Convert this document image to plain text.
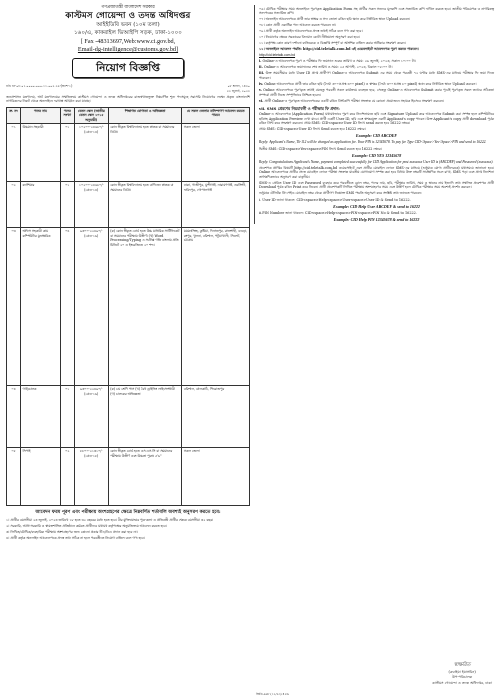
গণপ্রজাতন্ত্রী বাংলাদেশ সরকার
কাস্টমস গোয়েন্দা ও তদন্ত অধিদপ্তর
আইইডিবি ভবন (১০ম তলা)
১৬০/এ, কাকরাইল ভিআইপি সড়ক, ঢাকা-১০০০
[ Fax -48313697,Web:www.ci.gov.bd,
Email-dg-intelligence@customs.gov.bd]
নিয়োগ বিজ্ঞপ্তি
নথি নং-০৮.০১.০০০০.০০০.১১.০০২.১৯-(অংশ-১)	০৮ শ্রাবণ, ১৪৩০
২৩ জুলাই, ২০২৩

জনপ্রশাসন মন্ত্রণালয়, অর্থ মন্ত্রণালয়ের সম্মতিক্রমে কাস্টমস গোয়েন্দা ও তদন্ত অধিদপ্তরের রাজস্বখাতভুক্ত নিম্নবর্ণিত শূন্য পদসমূহে সরাসরি নিয়োগের লক্ষ্যে প্রকৃত বাংলাদেশি নাগরিকদের নিকট থেকে অনলাইনে দরখাস্ত আহ্বান করা যাচ্ছে।

ক্র. নং	পদের নাম	পদের সংখ্যা	বেতন স্কেল (জাতীয় বেতন স্কেল ২০১৫ অনুযায়ী)	শিক্ষাগত যোগ্যতা ও অভিজ্ঞতা	যে সকল জেলার বাসিন্দাগণ আবেদন করতে পারবে
০১	উচ্চমান সহকারী	০১	১০২০০-২৪৬৮০/- (গ্রেড-১৪)	কোন স্বীকৃত বিশ্ববিদ্যালয় হতে স্নাতক বা সমমানের ডিগ্রি।	সকল জেলা
০২	ক্যাশিয়ার	০১	১০২০০-২৪৬৮০/- (গ্রেড-১৪)	কোন স্বীকৃত বিশ্ববিদ্যালয় হতে বাণিজ্যে স্নাতক বা সমমানের ডিগ্রি।	ঢাকা, গাজীপুর, মুন্সীগঞ্জ, নারায়ণগঞ্জ, নরসিংদী, ফরিদপুর, গোপালগঞ্জ
০৩	অফিস সহকারী কাম কম্পিউটার মুদ্রাক্ষরিক	০৪	৯৩০০-২২৪৯০/- (গ্রেড-১৬)	(ক) কোন স্বীকৃত বোর্ড হতে উচ্চ মাধ্যমিক সার্টিফিকেট বা সমমানের পরীক্ষায় উত্তীর্ণ। (খ) Word Processing/Typing এ সর্বনিম্ন গতি বাংলায় প্রতি মিনিটে ২০ ও ইংরেজিতে ২০ শব্দ।	ময়মনসিংহ, কুষ্টিয়া, দিনাজপুর, রাজশাহী, বগুড়া, রংপুর, খুলনা, বরিশাল, পটুয়াখালী, সিলেট, চট্টগ্রাম
০৪	গাড়িচালক	০১	৯৩০০-২২৪৯০/- (গ্রেড-১৬)	(ক) ৮ম শ্রেণি পাস (খ) বৈধ ড্রাইভিং লাইসেন্সধারী (গ) চালকের অভিজ্ঞতা	বরিশাল, ঝালকাঠি, পিরোজপুর
০৫	সিপাই	০২	৮৮০০-২১৩১০/- (গ্রেড-১৮)	কোন স্বীকৃত বোর্ড হতে এস.এস.সি বা সমমানের পরীক্ষায় উত্তীর্ণ এবং উচ্চতা পুরুষ ৫'৬"	সকল জেলা
আবেদন ফরম পূরণ এবং পরীক্ষায় অংশগ্রহণের ক্ষেত্রে নিম্নবর্ণিত শর্তাবলি অবশ্যই অনুসরণ করতে হবে:

১। প্রার্থীর বয়সসীমা ২৩ জুলাই, ২০২৩ তারিখে ১৮ হতে ৩২ বছরের মধ্যে হতে হবে। বীর মুক্তিযোদ্ধার পুত্র-কন্যা ও প্রতিবন্ধী প্রার্থীর ক্ষেত্রে বয়সসীমা ৩২ বছর।

২। সরকারি, আধা-সরকারি ও স্বায়ত্তশাসিত প্রতিষ্ঠানে কর্মরত প্রার্থীদের যথাযথ কর্তৃপক্ষের অনুমতিক্রমে আবেদন করতে হবে।

৩। লিখিত/মৌখিক/ব্যবহারিক পরীক্ষায় অংশগ্রহণের জন্য কোনো প্রকার টিএ/ডিএ প্রদান করা হবে না।

৪। প্রার্থী কর্তৃক অনলাইন আবেদনপত্রে প্রদত্ত তথ্য সঠিক না হলে পরবর্তীতে নিয়োগ বাতিল বলে গণ্য হবে।

০৬। মৌখিক পরীক্ষার সময় অনলাইনে পূরণকৃত Application Form সহ প্রার্থীর সকল সনদের মূলকপি এবং সত্যায়িত কপি দাখিল করতে হবে। জাতীয় পরিচয়পত্র ও নাগরিকত্ব সনদপত্রের সত্যায়িত কপি।

০৭। অনলাইন আবেদনপত্রে প্রার্থী তার স্বাক্ষর ও সদ্য তোলা রঙিন ছবি স্ক্যান করে নির্ধারিত স্থানে Upload করবেন।

০৮। কোন প্রার্থী একাধিক পদে আবেদন করতে পারবেন না।

০৯। প্রার্থী কর্তৃক অনলাইন আবেদনপত্রে প্রদত্ত তথ্যই সঠিক বলে গণ্য করা হবে।

১০। নিয়োগের ক্ষেত্রে সরকারের বিদ্যমান কোটা নীতিমালা অনুসরণ করা হবে।

১১। কর্তৃপক্ষ কোন কারণ দর্শানো ব্যতিরেকে এ বিজ্ঞপ্তি সম্পূর্ণ বা আংশিক বাতিল করার অধিকার সংরক্ষণ করেন।

১২। অনলাইনে আবেদন পদ্ধতি: http://cid.teletalk.com.bd এই ওয়েবসাইটে আবেদনপত্র পূরণ করতে পারবেন।

http://cid.teletalk.com.bd

i. Online-এ আবেদনপত্র পূরণ ও পরীক্ষার ফি জমাদান শুরুর তারিখ ও সময়: ২৬ জুলাই, ২০২৩, সকাল ১০:০০ টা।
ii. Online-এ আবেদনপত্র জমাদানের শেষ তারিখ ও সময়: ২৫ আগস্ট, ২০২৩, বিকাল ০৫:০০ টা।
iii. উক্ত সময়সীমার মধ্যে User ID প্রাপ্ত প্রার্থীগণ Online-এ আবেদনপত্র Submit এর সময় থেকে পরবর্তী ৭২ ঘণ্টার মধ্যে SMS-এর মাধ্যমে পরীক্ষার ফি জমা দিতে পারবেন।
iv. Online আবেদনপত্রে প্রার্থী তার রঙিন ছবি (দৈর্ঘ্য ৩০০×প্রস্থ ৩০০ pixel) ও স্বাক্ষর (দৈর্ঘ্য ৩০০×প্রস্থ ৮০ pixel) স্ক্যান করে নির্ধারিত স্থানে Upload করবেন।
v. Online আবেদনপত্রে পূরণকৃত তথ্যই যেহেতু পরবর্তী সকল কার্যক্রমে ব্যবহৃত হবে, সেহেতু Online-এ আবেদনপত্র Submit করার পূর্বেই পূরণকৃত সকল তথ্যের সঠিকতা সম্পর্কে প্রার্থী নিজে সম্পূর্ণভাবে নিশ্চিত হবেন।
vi. প্রার্থী Online-এ পূরণকৃত আবেদনপত্রের একটি রঙিন প্রিন্টকপি পরীক্ষা সংক্রান্ত যে কোনো প্রয়োজনে সহায়ক হিসেবে সংরক্ষণ করবেন।
vii. SMS প্রেরণের নিয়মাবলী ও পরীক্ষার ফি প্রদান:

Online-এ আবেদনপত্র (Application Form) যথাযথভাবে পূরণ করে নির্দেশনামতে ছবি এবং Signature Upload করে আবেদনপত্র Submit করা সম্পন্ন হলে কম্পিউটারে ছবিসহ Application Preview দেখা যাবে। প্রার্থী একটি User ID, ছবি এবং স্বাক্ষরযুক্ত একটি Applicant's copy পাবেন। উক্ত Applicant's copy প্রার্থী download পূর্বক রঙিন প্রিন্ট করে সংরক্ষণ করবেন। প্রথম SMS: CID<space>User ID লিখে send করতে হবে 16222 নম্বরে।

প্রথম SMS: CID<space>User ID লিখে Send করতে হবে 16222 নম্বরে।

Example: CID ABCDEF
Reply: Applicant's Name, Tk-112 will be charged as application fee. Your PIN is 12345678. To pay fee Type CID<Space>Yes<Space>PIN and send to 16222.

দ্বিতীয় SMS: CID<space>Yes<space>PIN লিখে Send করতে হবে 16222 নম্বরে।

Example: CID YES 12345678
Reply: Congratulations Applicant's Name, payment completed successfully for CID Application for post xxxxxxxx User ID is (ABCDEF) and Password (xxxxxxxx).

প্রবেশপত্র প্রাপ্তির বিষয়টি http://cid.teletalk.com.bd ওয়েবসাইটে এবং প্রার্থীর মোবাইল ফোনে SMS-এর মাধ্যমে (শুধুমাত্র যোগ্য প্রার্থীদেরকে) যথাসময়ে জানানো হবে। Online আবেদনপত্রে প্রার্থীর প্রদত্ত মোবাইল ফোনে পরীক্ষা সংক্রান্ত যাবতীয় যোগাযোগ সম্পন্ন করা হবে বিধায় উক্ত নম্বরটি সার্বক্ষণিক সচল রাখা, SMS পড়া এবং প্রাপ্ত নির্দেশনা তাৎক্ষণিকভাবে অনুসরণ করা বাঞ্ছনীয়।

SMS-এ প্রেরিত User ID এবং Password ব্যবহার করে পরবর্তীতে রোল নম্বর, পদের নাম, ছবি, পরীক্ষার তারিখ, সময় ও স্থানের নাম ইত্যাদি তথ্য সম্বলিত প্রবেশপত্র প্রার্থী Download পূর্বক রঙিন Print করে নিবেন। প্রার্থী প্রবেশপত্রটি লিখিত পরীক্ষায় অংশগ্রহণের সময় এবং উত্তীর্ণ হলে মৌখিক পরীক্ষার সময় অবশ্যই প্রদর্শন করবেন।

শুধুমাত্র টেলিটক প্রি-পেইড মোবাইল নম্বর থেকে প্রার্থীগণ নিম্নোক্ত SMS পদ্ধতি অনুসরণ করে সংশ্লিষ্ট তথ্য জানতে পারবেন:

i. User ID জানা থাকলে: CID<space>Help<space>User<space>User ID & Send to 16222.
Example: CID Help User ABCDEF & send to 16222
ii.PIN Number জানা থাকলে: CID<space>Help<space>PIN<space>PIN No & Send to 16222.
Example: CID Help PIN 12345678 & send to 16222
স্বাক্ষরিত
(রুবাইয়া ইয়াসমিন)
উপ-পরিচালক
কাস্টমস গোয়েন্দা ও তদন্ত অধিদপ্তর, ঢাকা
জিডি-৯৬৮ (১১/২৩) ৪×৬
